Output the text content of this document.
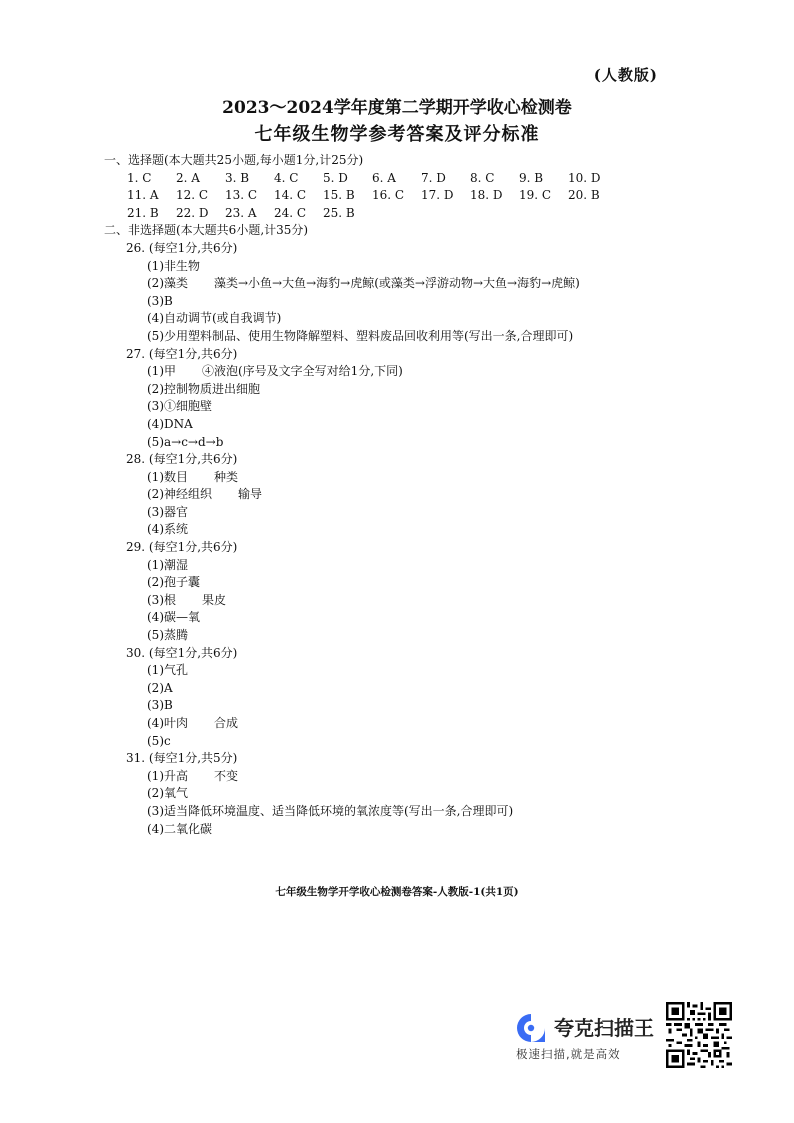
(人教版)
2023～2024学年度第二学期开学收心检测卷
七年级生物学参考答案及评分标准
一、选择题(本大题共25小题,每小题1分,计25分)
1. C	2. A	3. B	4. C	5. D	6. A	7. D	8. C	9. B	10. D
11. A	12. C	13. C	14. C	15. B	16. C	17. D	18. D	19. C	20. B
21. B	22. D	23. A	24. C	25. B
二、非选择题(本大题共6小题,计35分)
26. (每空1分,共6分)
(1)非生物
(2)藻类 藻类→小鱼→大鱼→海豹→虎鲸(或藻类→浮游动物→大鱼→海豹→虎鲸)
(3)B
(4)自动调节(或自我调节)
(5)少用塑料制品、使用生物降解塑料、塑料废品回收利用等(写出一条,合理即可)
27. (每空1分,共6分)
(1)甲 ④液泡(序号及文字全写对给1分,下同)
(2)控制物质进出细胞
(3)①细胞壁
(4)DNA
(5)a→c→d→b
28. (每空1分,共6分)
(1)数目 种类
(2)神经组织 输导
(3)器官
(4)系统
29. (每空1分,共6分)
(1)潮湿
(2)孢子囊
(3)根 果皮
(4)碳—氧
(5)蒸腾
30. (每空1分,共6分)
(1)气孔
(2)A
(3)B
(4)叶肉 合成
(5)c
31. (每空1分,共5分)
(1)升高 不变
(2)氧气
(3)适当降低环境温度、适当降低环境的氧浓度等(写出一条,合理即可)
(4)二氧化碳
七年级生物学开学收心检测卷答案-人教版-1(共1页)
夸克扫描王
极速扫描,就是高效
